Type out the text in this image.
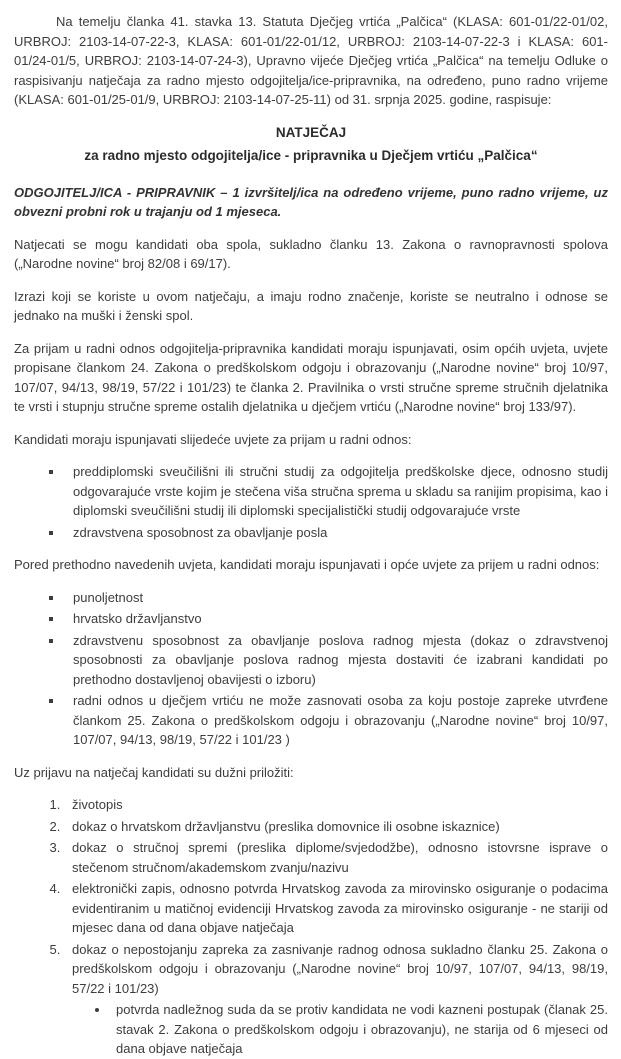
Na temelju članka 41. stavka 13. Statuta Dječjeg vrtića „Palčica“ (KLASA: 601-01/22-01/02, URBROJ: 2103-14-07-22-3, KLASA: 601-01/22-01/12, URBROJ: 2103-14-07-22-3 i KLASA: 601-01/24-01/5, URBROJ: 2103-14-07-24-3), Upravno vijeće Dječjeg vrtića „Palčica“ na temelju Odluke o raspisivanju natječaja za radno mjesto odgojitelja/ice-pripravnika, na određeno, puno radno vrijeme (KLASA: 601-01/25-01/9, URBROJ: 2103-14-07-25-11) od 31. srpnja 2025. godine, raspisuje:

NATJEČAJ
za radno mjesto odgojitelja/ice - pripravnika u Dječjem vrtiću „Palčica“

ODGOJITELJ/ICA - PRIPRAVNIK – 1 izvršitelj/ica na određeno vrijeme, puno radno vrijeme, uz obvezni probni rok u trajanju od 1 mjeseca.

Natjecati se mogu kandidati oba spola, sukladno članku 13. Zakona o ravnopravnosti spolova („Narodne novine“ broj 82/08 i 69/17).

Izrazi koji se koriste u ovom natječaju, a imaju rodno značenje, koriste se neutralno i odnose se jednako na muški i ženski spol.

Za prijam u radni odnos odgojitelja-pripravnika kandidati moraju ispunjavati, osim općih uvjeta, uvjete propisane člankom 24. Zakona o predškolskom odgoju i obrazovanju („Narodne novine“ broj 10/97, 107/07, 94/13, 98/19, 57/22 i 101/23) te članka 2. Pravilnika o vrsti stručne spreme stručnih djelatnika te vrsti i stupnju stručne spreme ostalih djelatnika u dječjem vrtiću („Narodne novine“ broj 133/97).

Kandidati moraju ispunjavati slijedeće uvjete za prijam u radni odnos:

▪ preddiplomski sveučilišni ili stručni studij za odgojitelja predškolske djece, odnosno studij odgovarajuće vrste kojim je stečena viša stručna sprema u skladu sa ranijim propisima, kao i diplomski sveučilišni studij ili diplomski specijalistički studij odgovarajuće vrste
▪ zdravstvena sposobnost za obavljanje posla

Pored prethodno navedenih uvjeta, kandidati moraju ispunjavati i opće uvjete za prijem u radni odnos:

▪ punoljetnost
▪ hrvatsko državljanstvo
▪ zdravstvenu sposobnost za obavljanje poslova radnog mjesta (dokaz o zdravstvenoj sposobnosti za obavljanje poslova radnog mjesta dostaviti će izabrani kandidati po prethodno dostavljenoj obavijesti o izboru)
▪ radni odnos u dječjem vrtiću ne može zasnovati osoba za koju postoje zapreke utvrđene člankom 25. Zakona o predškolskom odgoju i obrazovanju („Narodne novine“ broj 10/97, 107/07, 94/13, 98/19, 57/22 i 101/23 )

Uz prijavu na natječaj kandidati su dužni priložiti:

1. životopis
2. dokaz o hrvatskom državljanstvu (preslika domovnice ili osobne iskaznice)
3. dokaz o stručnoj spremi (preslika diplome/svjedodžbe), odnosno istovrsne isprave o stečenom stručnom/akademskom zvanju/nazivu
4. elektronički zapis, odnosno potvrda Hrvatskog zavoda za mirovinsko osiguranje o podacima evidentiranim u matičnoj evidenciji Hrvatskog zavoda za mirovinsko osiguranje - ne stariji od mjesec dana od dana objave natječaja
5. dokaz o nepostojanju zapreka za zasnivanje radnog odnosa sukladno članku 25. Zakona o predškolskom odgoju i obrazovanju („Narodne novine“ broj 10/97, 107/07, 94/13, 98/19, 57/22 i 101/23)
• potvrda nadležnog suda da se protiv kandidata ne vodi kazneni postupak (članak 25. stavak 2. Zakona o predškolskom odgoju i obrazovanju), ne starija od 6 mjeseci od dana objave natječaja
